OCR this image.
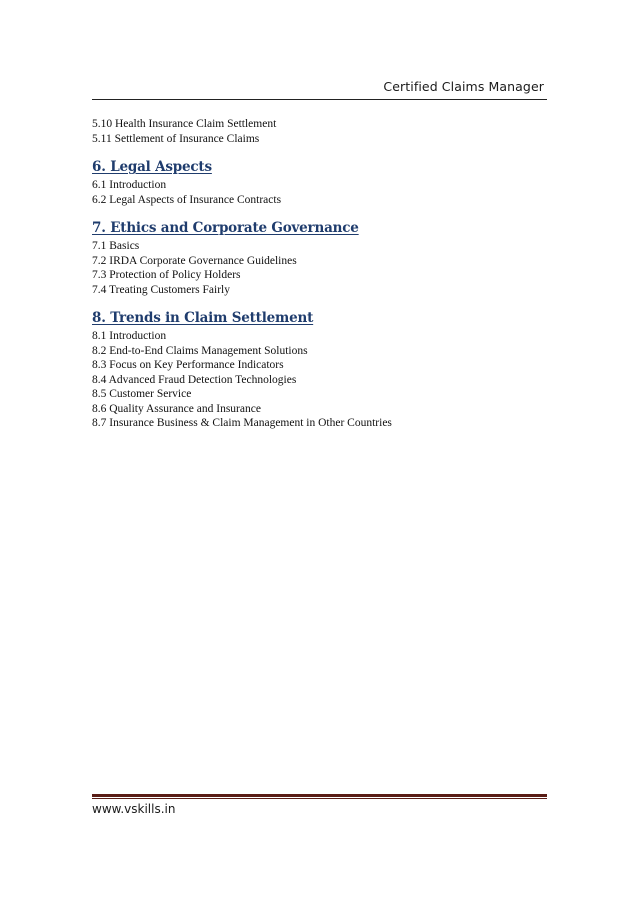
Certified Claims Manager
5.10 Health Insurance Claim Settlement
5.11 Settlement of Insurance Claims
6. Legal Aspects
6.1 Introduction
6.2 Legal Aspects of Insurance Contracts
7. Ethics and Corporate Governance
7.1 Basics
7.2 IRDA Corporate Governance Guidelines
7.3 Protection of Policy Holders
7.4 Treating Customers Fairly
8. Trends in Claim Settlement
8.1 Introduction
8.2 End-to-End Claims Management Solutions
8.3 Focus on Key Performance Indicators
8.4 Advanced Fraud Detection Technologies
8.5 Customer Service
8.6 Quality Assurance and Insurance
8.7 Insurance Business & Claim Management in Other Countries
www.vskills.in
